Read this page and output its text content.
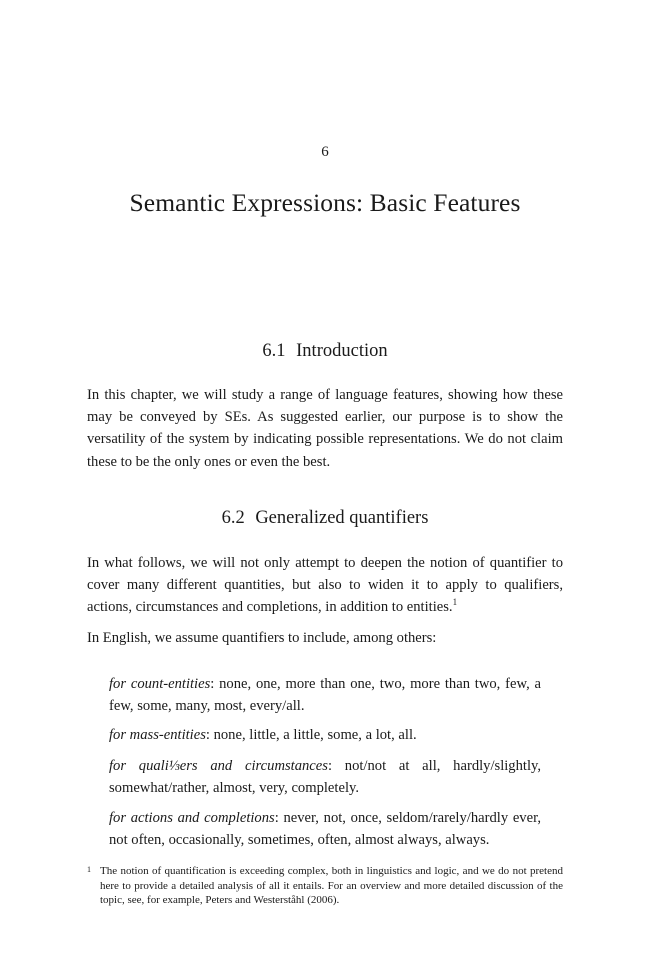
6
Semantic Expressions: Basic Features
6.1 Introduction

In this chapter, we will study a range of language features, showing how these may be conveyed by SEs. As suggested earlier, our purpose is to show the versatility of the system by indicating possible representations. We do not claim these to be the only ones or even the best.

6.2 Generalized quantifiers

In what follows, we will not only attempt to deepen the notion of quantifier to cover many different quantities, but also to widen it to apply to qualifiers, actions, circumstances and completions, in addition to entities.$^1$

In English, we assume quantifiers to include, among others:

for count-entities: none, one, more than one, two, more than two, few, a few, some, many, most, every/all.
for mass-entities: none, little, a little, some, a lot, all.
for quali⅓ers and circumstances: not/not at all, hardly/slightly, somewhat/rather, almost, very, completely.
for actions and completions: never, not, once, seldom/rarely/hardly ever, not often, occasionally, sometimes, often, almost always, always.
1 The notion of quantification is exceeding complex, both in linguistics and logic, and we do not pretend here to provide a detailed analysis of all it entails. For an overview and more detailed discussion of the topic, see, for example, Peters and Westerståhl (2006).
